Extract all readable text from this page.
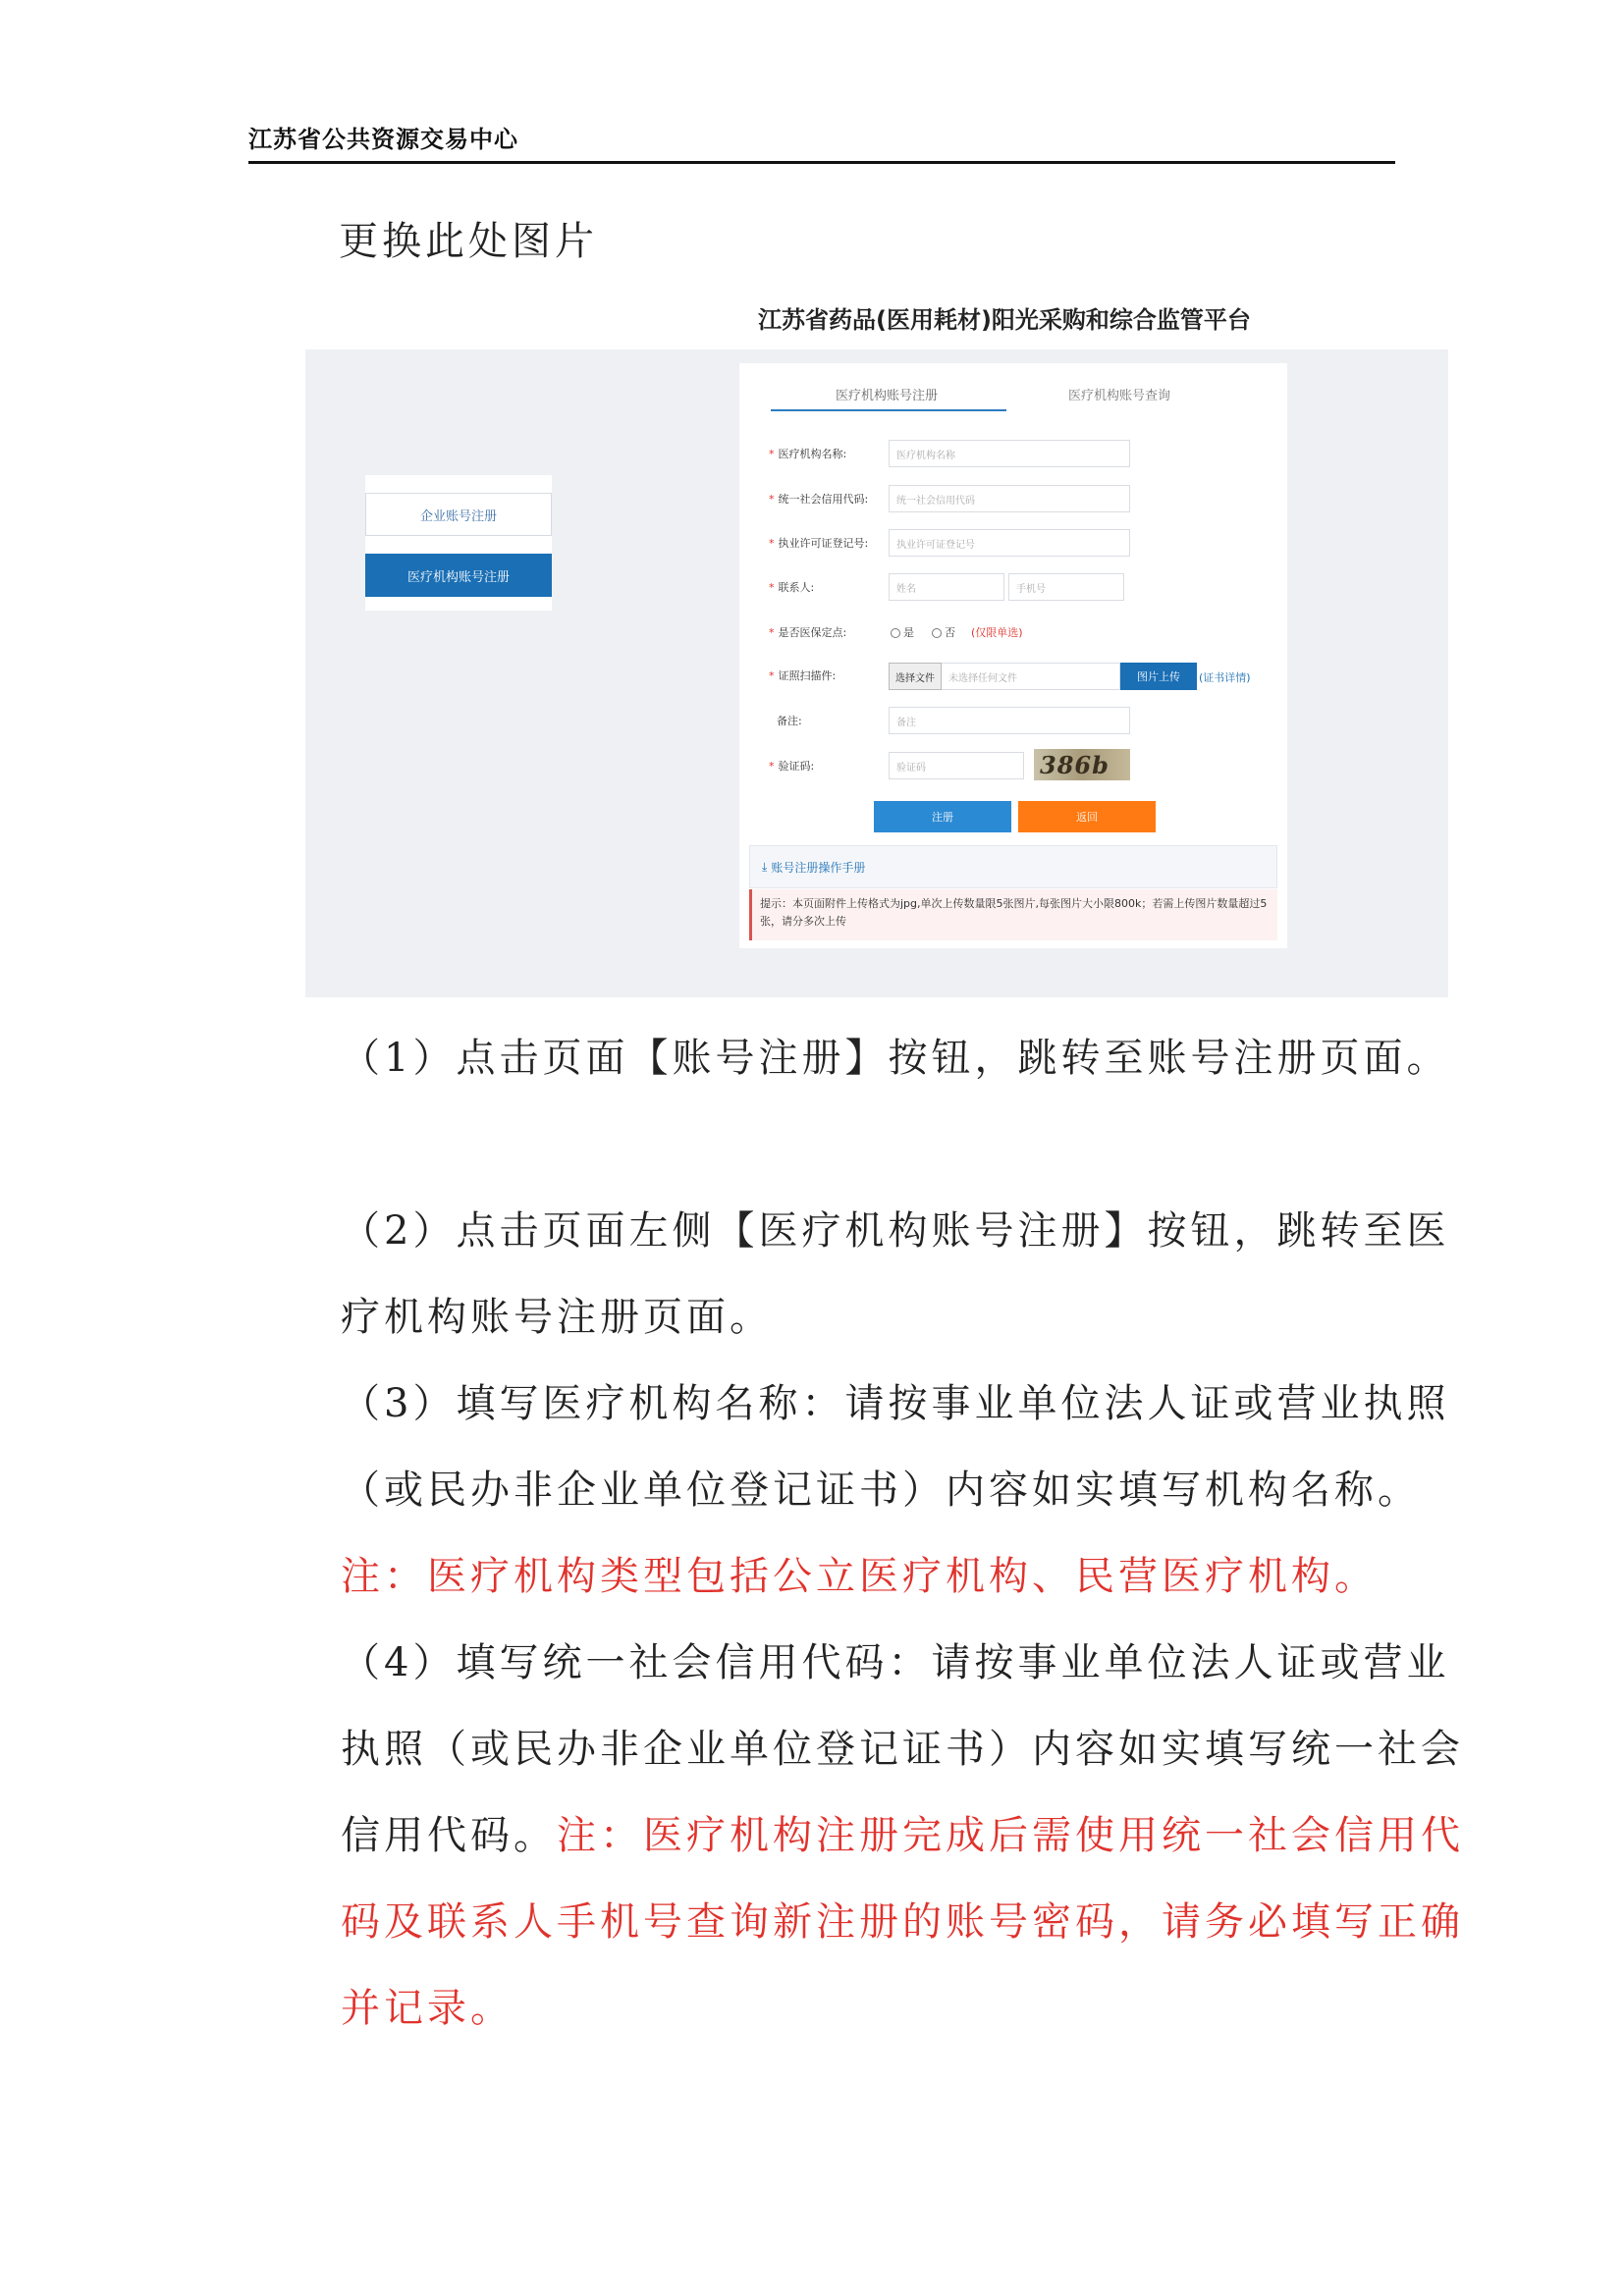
江苏省公共资源交易中心
更换此处图片
江苏省药品(医用耗材)阳光采购和综合监管平台
企业账号注册
医疗机构账号注册
医疗机构账号注册	医疗机构账号查询
* 医疗机构名称:	医疗机构名称
* 统一社会信用代码:	统一社会信用代码
* 执业许可证登记号:	执业许可证登记号
* 联系人:	姓名	手机号
* 是否医保定点:	是	否 (仅限单选)
* 证照扫描件:	选择文件	未选择任何文件	图片上传	(证书详情)
备注:	备注
* 验证码:	验证码	386b
注册	返回
⤓ 账号注册操作手册
提示：本页面附件上传格式为jpg,单次上传数量限5张图片,每张图片大小限800k；若需上传图片数量超过5张，请分多次上传
（1）点击页面【账号注册】按钮，跳转至账号注册页面。
（2）点击页面左侧【医疗机构账号注册】按钮，跳转至医疗机构账号注册页面。
（3）填写医疗机构名称：请按事业单位法人证或营业执照（或民办非企业单位登记证书）内容如实填写机构名称。注：医疗机构类型包括公立医疗机构、民营医疗机构。
（4）填写统一社会信用代码：请按事业单位法人证或营业执照（或民办非企业单位登记证书）内容如实填写统一社会信用代码。注：医疗机构注册完成后需使用统一社会信用代码及联系人手机号查询新注册的账号密码，请务必填写正确并记录。
